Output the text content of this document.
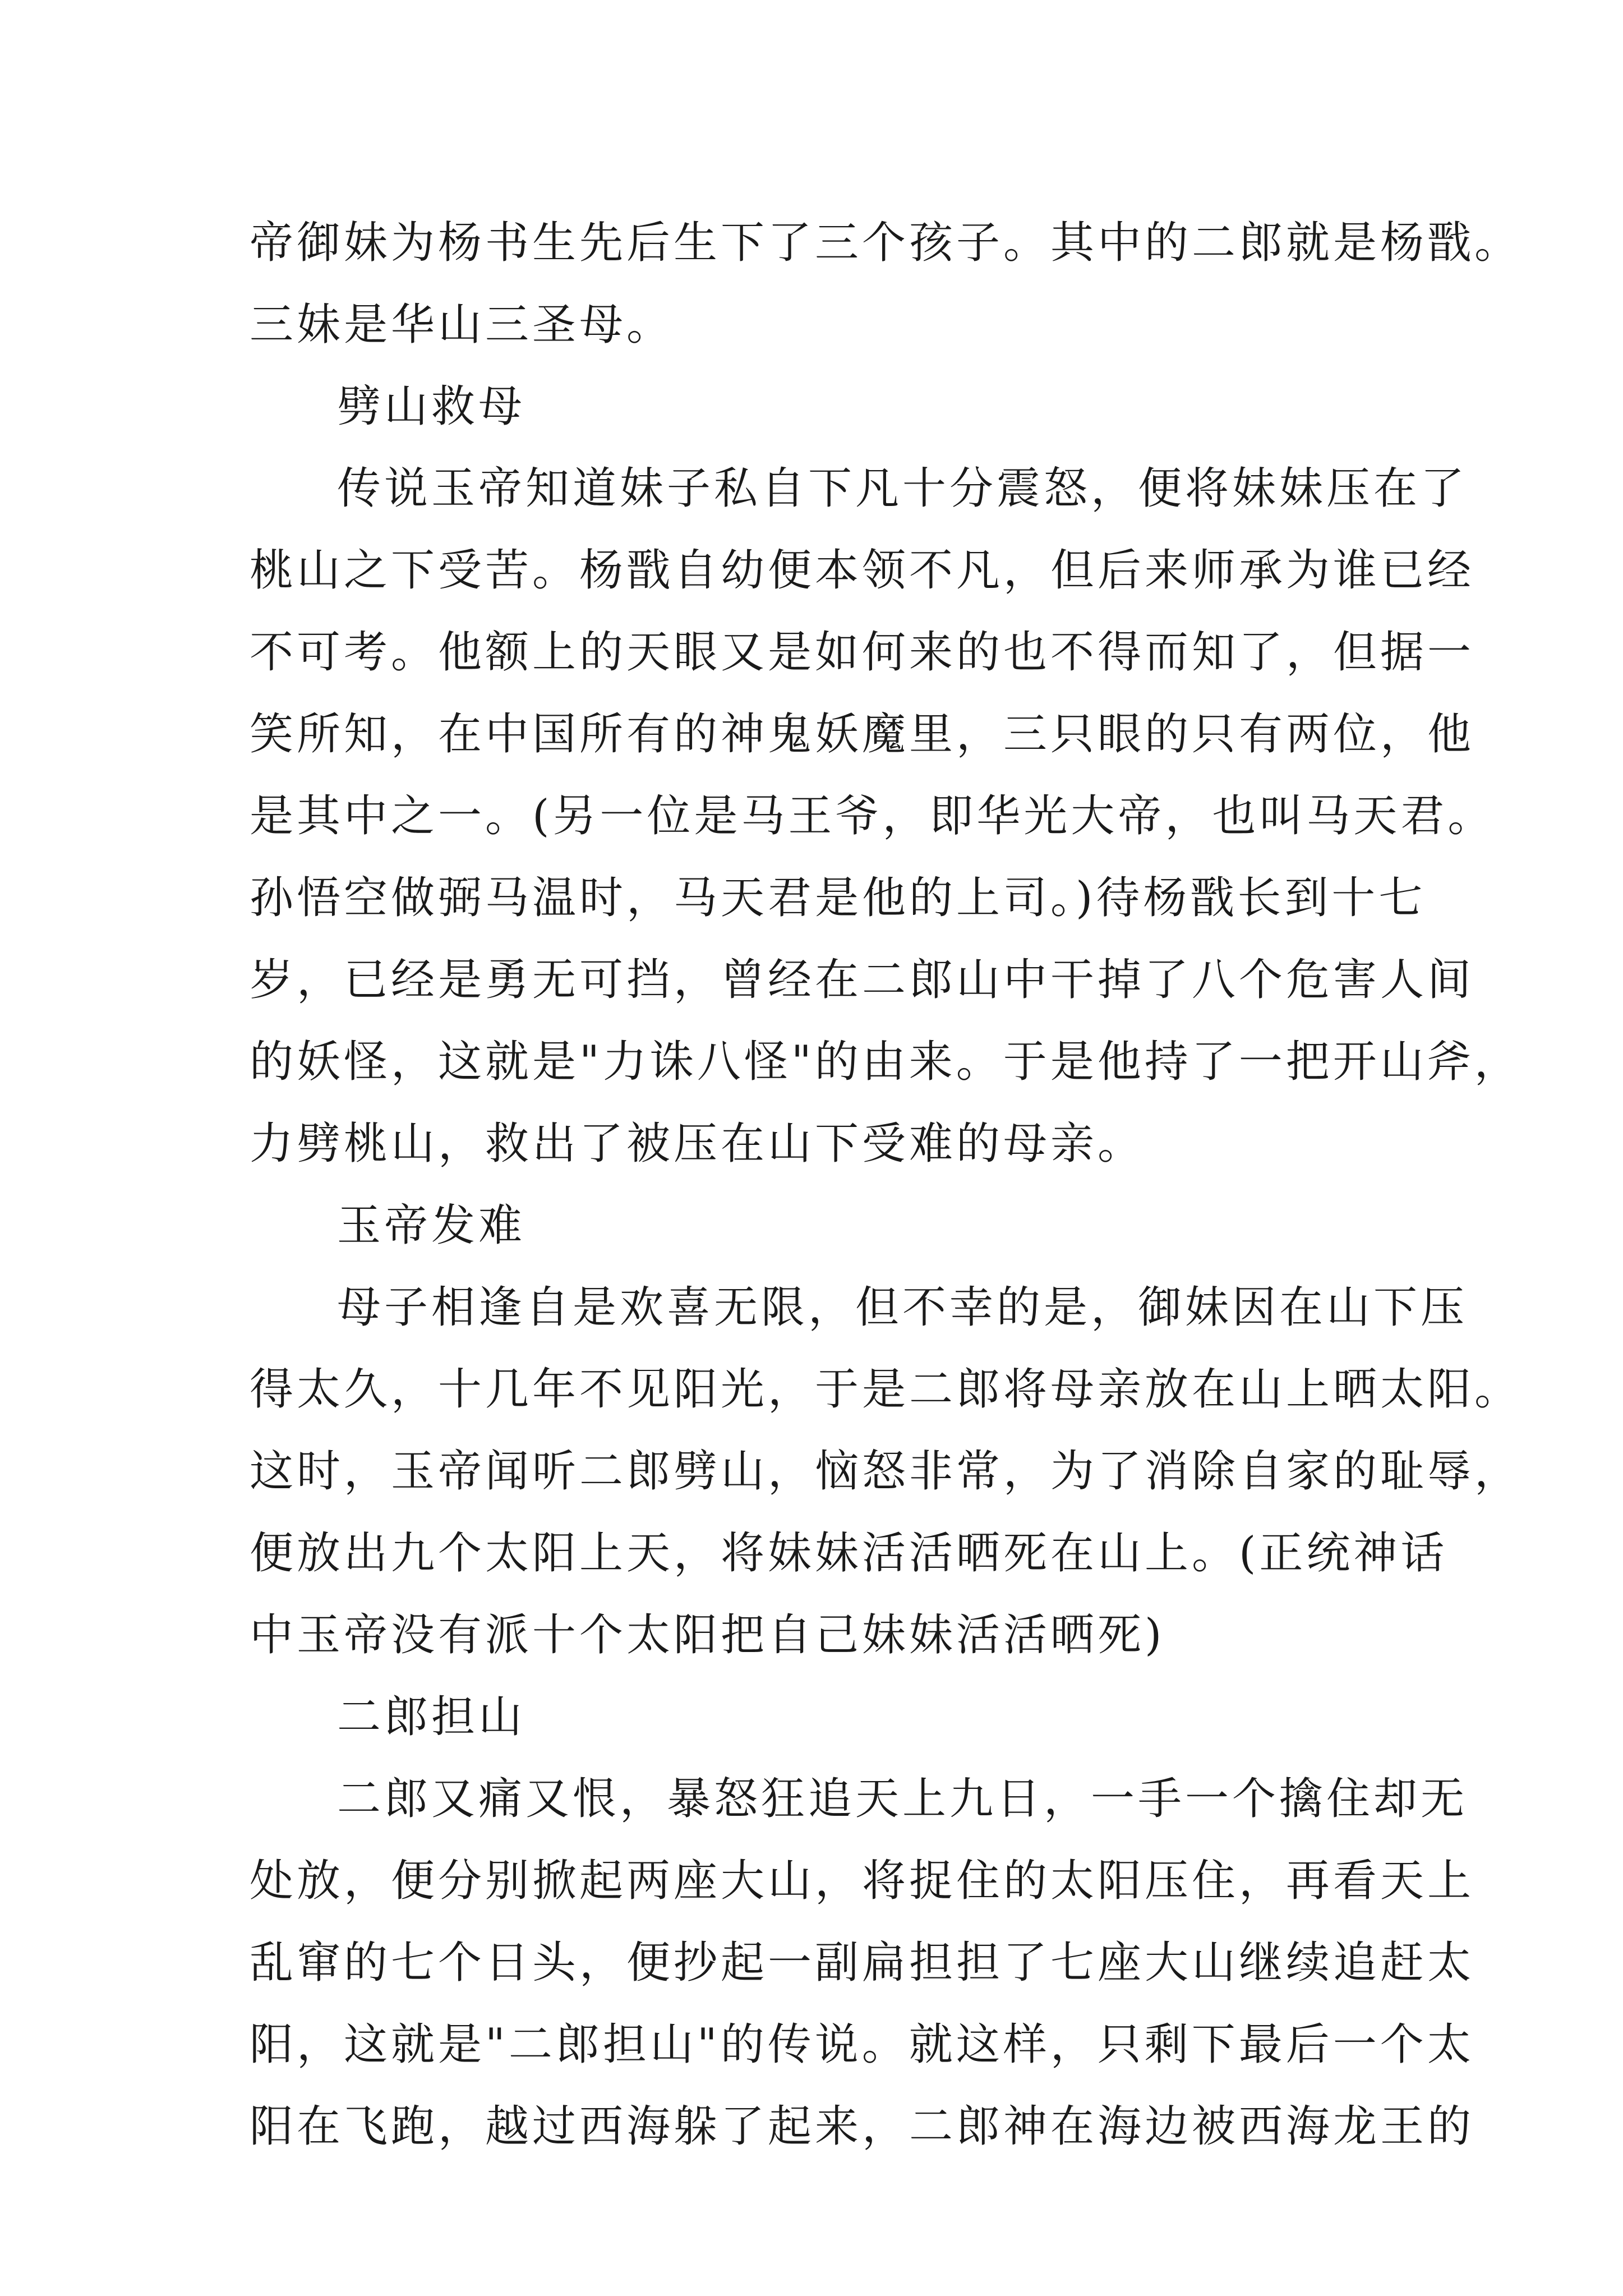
帝御妹为杨书生先后生下了三个孩子。其中的二郎就是杨戬。
三妹是华山三圣母。
劈山救母
传说玉帝知道妹子私自下凡十分震怒，便将妹妹压在了
桃山之下受苦。杨戬自幼便本领不凡，但后来师承为谁已经
不可考。他额上的天眼又是如何来的也不得而知了，但据一
笑所知，在中国所有的神鬼妖魔里，三只眼的只有两位，他
是其中之一。(另一位是马王爷，即华光大帝，也叫马天君。
孙悟空做弼马温时，马天君是他的上司。)待杨戬长到十七
岁，已经是勇无可挡，曾经在二郎山中干掉了八个危害人间
的妖怪，这就是"力诛八怪"的由来。于是他持了一把开山斧，
力劈桃山，救出了被压在山下受难的母亲。
玉帝发难
母子相逢自是欢喜无限，但不幸的是，御妹因在山下压
得太久，十几年不见阳光，于是二郎将母亲放在山上晒太阳。
这时，玉帝闻听二郎劈山，恼怒非常，为了消除自家的耻辱，
便放出九个太阳上天，将妹妹活活晒死在山上。(正统神话
中玉帝没有派十个太阳把自己妹妹活活晒死)
二郎担山
二郎又痛又恨，暴怒狂追天上九日，一手一个擒住却无
处放，便分别掀起两座大山，将捉住的太阳压住，再看天上
乱窜的七个日头，便抄起一副扁担担了七座大山继续追赶太
阳，这就是"二郎担山"的传说。就这样，只剩下最后一个太
阳在飞跑，越过西海躲了起来，二郎神在海边被西海龙王的
